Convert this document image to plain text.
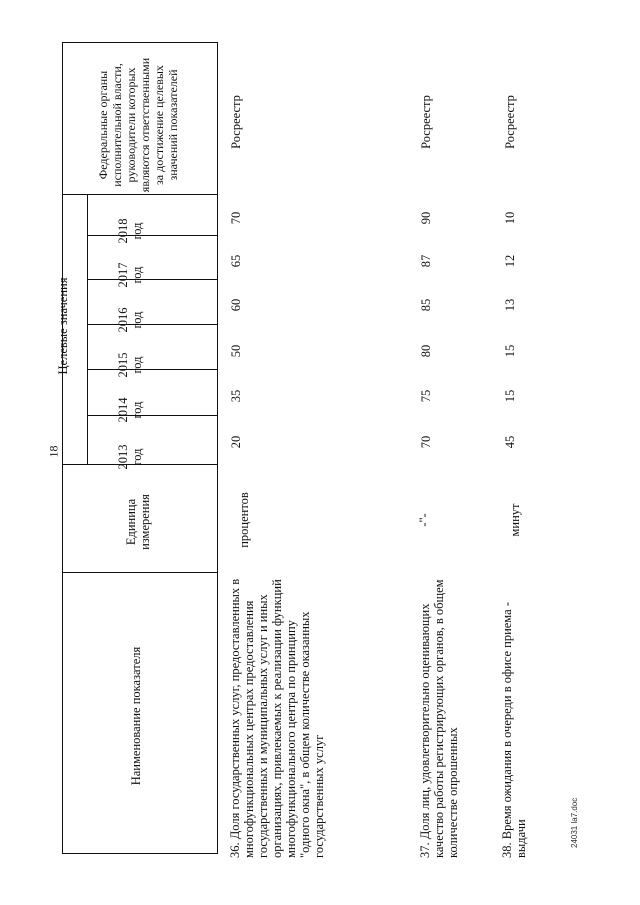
18
Федеральные органы исполнительной власти, руководители которых являются ответственными за достижение целевых значений показателей
Целевые значения
2018 год
2017 год
2016 год
2015 год
2014 год
2013 год
Единица измерения
Наименование показателя	36. Доля государственных услуг, предоставленных в многофункциональных центрах предоставления государственных и муниципальных услуг и иных организациях, привлекаемых к реализации функций многофункционального центра по принципу "одного окна", в общем количестве оказанных государственных услуг
процентов
20
35
50
60
65
70
Росреестр
37. Доля лиц, удовлетворительно оценивающих качество работы регистрирующих органов, в общем количестве опрошенных
-"-
70
75
80
85
87
90
Росреестр
38. Время ожидания в очереди в офисе приема - выдачи
минут
45
15
15
13
12
10
Росреестр
24031 la7.doc
